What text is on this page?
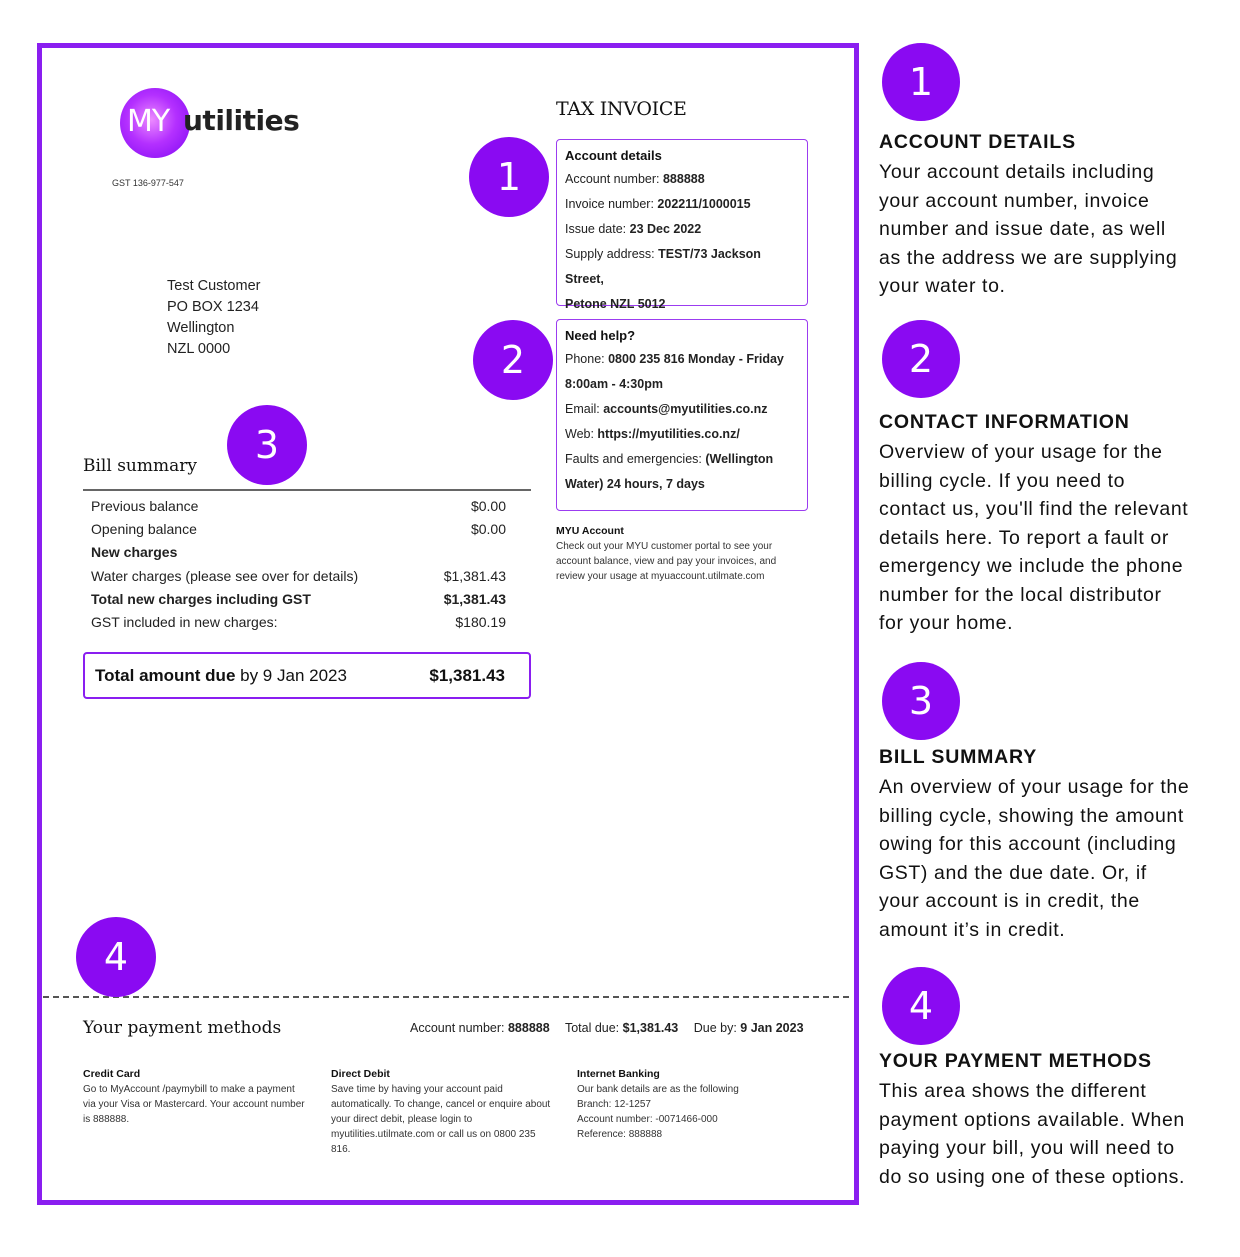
MY utilities
GST 136-977-547
Test Customer
PO BOX 1234
Wellington
NZL 0000
TAX INVOICE
Account details
Account number: 888888
Invoice number: 202211/1000015
Issue date: 23 Dec 2022
Supply address: TEST/73 Jackson Street,
Petone NZL 5012
Need help?
Phone: 0800 235 816 Monday - Friday
8:00am - 4:30pm
Email: accounts@myutilities.co.nz
Web: https://myutilities.co.nz/
Faults and emergencies: (Wellington
Water) 24 hours, 7 days
MYU Account
Check out your MYU customer portal to see your
account balance, view and pay your invoices, and
review your usage at myuaccount.utilmate.com
Bill summary
Previous balance	$0.00
Opening balance	$0.00
New charges
Water charges (please see over for details)	$1,381.43
Total new charges including GST	$1,381.43
GST included in new charges:	$180.19
Total amount due by 9 Jan 2023	$1,381.43
Your payment methods	Account number: 888888 Total due: $1,381.43 Due by: 9 Jan 2023
Credit Card
Go to MyAccount /paymybill to make a payment
via your Visa or Mastercard. Your account number
is 888888.
Direct Debit
Save time by having your account paid
automatically. To change, cancel or enquire about
your direct debit, please login to
myutilities.utilmate.com or call us on 0800 235
816.
Internet Banking
Our bank details are as the following
Branch: 12-1257
Account number: -0071466-000
Reference: 888888
1
2
3
4
1
ACCOUNT DETAILS
Your account details including
your account number, invoice
number and issue date, as well
as the address we are supplying
your water to.
2
CONTACT INFORMATION
Overview of your usage for the
billing cycle. If you need to
contact us, you'll find the relevant
details here. To report a fault or
emergency we include the phone
number for the local distributor
for your home.
3
BILL SUMMARY
An overview of your usage for the
billing cycle, showing the amount
owing for this account (including
GST) and the due date. Or, if
your account is in credit, the
amount it’s in credit.
4
YOUR PAYMENT METHODS
This area shows the different
payment options available. When
paying your bill, you will need to
do so using one of these options.
